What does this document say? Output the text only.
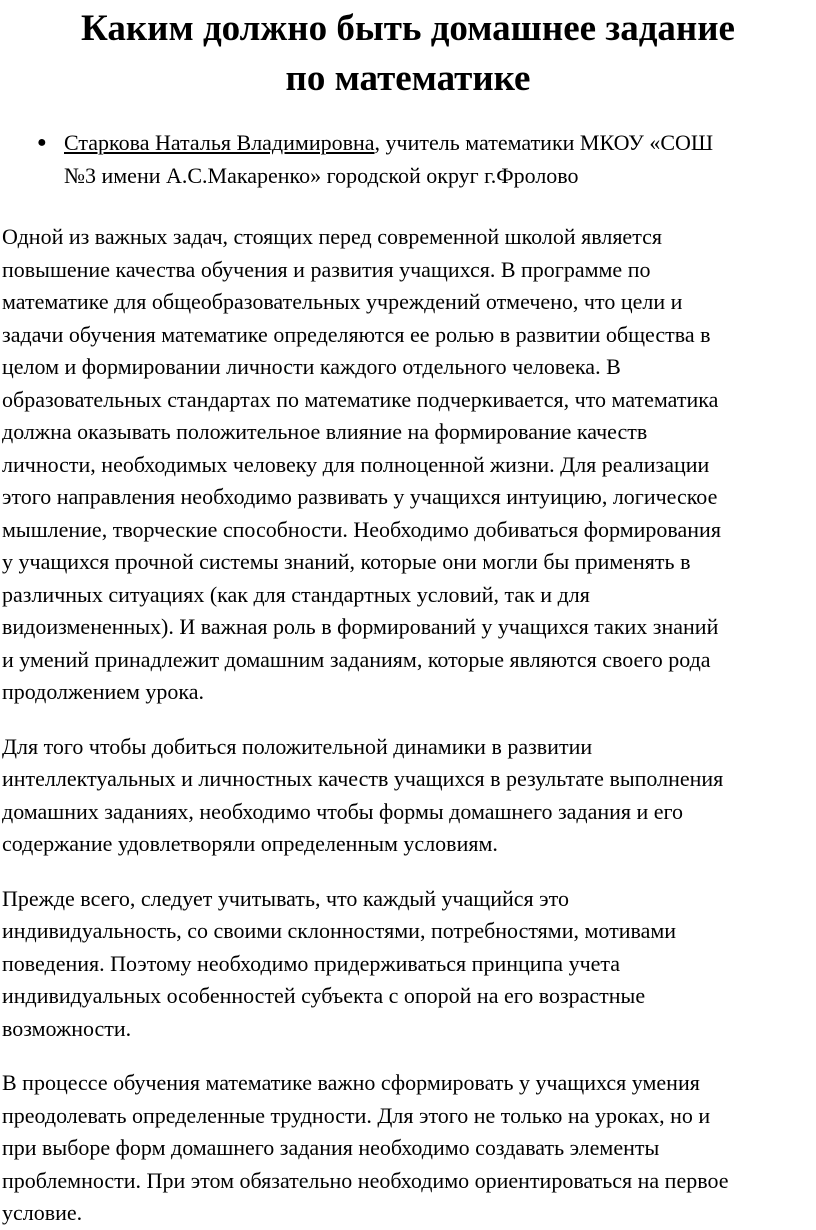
Каким должно быть домашнее задание
по математике
● Старкова Наталья Владимировна, учитель математики МКОУ «СОШ
№3 имени А.С.Макаренко» городской округ г.Фролово

Одной из важных задач, стоящих перед современной школой является
повышение качества обучения и развития учащихся. В программе по
математике для общеобразовательных учреждений отмечено, что цели и
задачи обучения математике определяются ее ролью в развитии общества в
целом и формировании личности каждого отдельного человека. В
образовательных стандартах по математике подчеркивается, что математика
должна оказывать положительное влияние на формирование качеств
личности, необходимых человеку для полноценной жизни. Для реализации
этого направления необходимо развивать у учащихся интуицию, логическое
мышление, творческие способности. Необходимо добиваться формирования
у учащихся прочной системы знаний, которые они могли бы применять в
различных ситуациях (как для стандартных условий, так и для
видоизмененных). И важная роль в формирований у учащихся таких знаний
и умений принадлежит домашним заданиям, которые являются своего рода
продолжением урока.

Для того чтобы добиться положительной динамики в развитии
интеллектуальных и личностных качеств учащихся в результате выполнения
домашних заданиях, необходимо чтобы формы домашнего задания и его
содержание удовлетворяли определенным условиям.

Прежде всего, следует учитывать, что каждый учащийся это
индивидуальность, со своими склонностями, потребностями, мотивами
поведения. Поэтому необходимо придерживаться принципа учета
индивидуальных особенностей субъекта с опорой на его возрастные
возможности.

В процессе обучения математике важно сформировать у учащихся умения
преодолевать определенные трудности. Для этого не только на уроках, но и
при выборе форм домашнего задания необходимо создавать элементы
проблемности. При этом обязательно необходимо ориентироваться на первое
условие.
